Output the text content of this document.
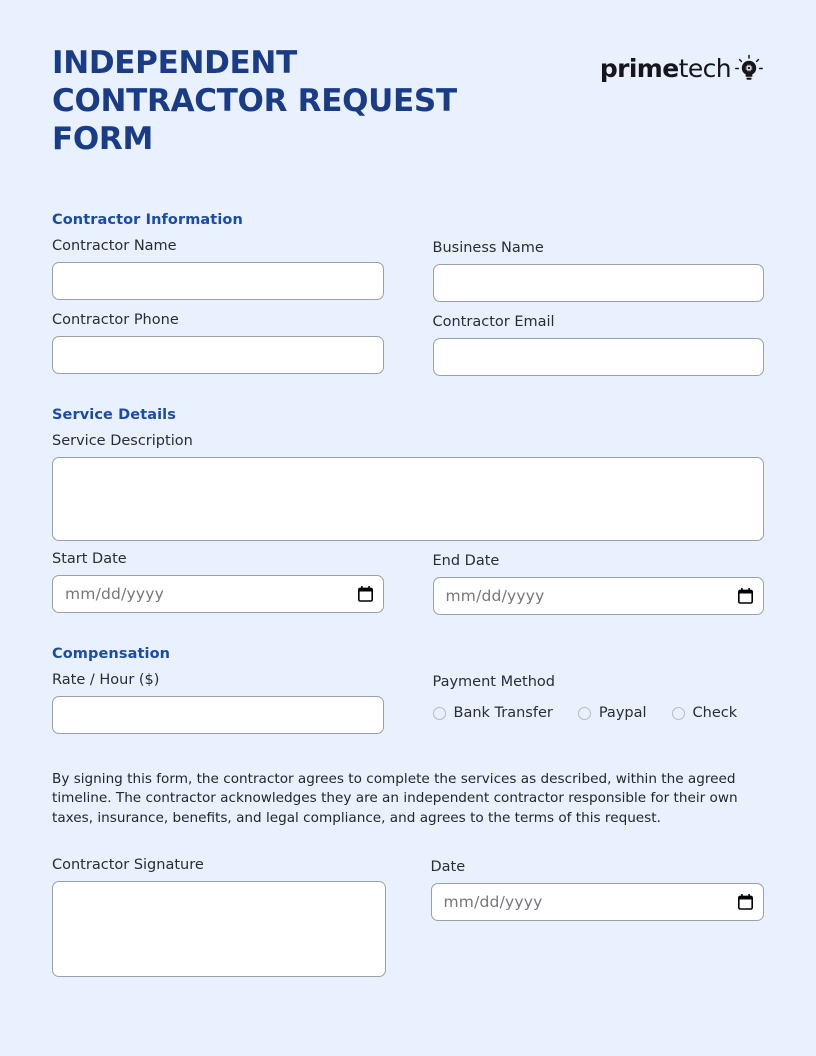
INDEPENDENT CONTRACTOR REQUEST FORM
primetech
Contractor Information
Contractor Name	Business Name
Contractor Phone	Contractor Email
Service Details
Service Description
Start Date
mm/dd/yyyy
End Date
mm/dd/yyyy
Compensation
Rate / Hour ($)	Payment Method
Bank Transfer	Paypal	Check

By signing this form, the contractor agrees to complete the services as described, within the agreed timeline. The contractor acknowledges they are an independent contractor responsible for their own taxes, insurance, benefits, and legal compliance, and agrees to the terms of this request.

Contractor Signature	Date
mm/dd/yyyy
